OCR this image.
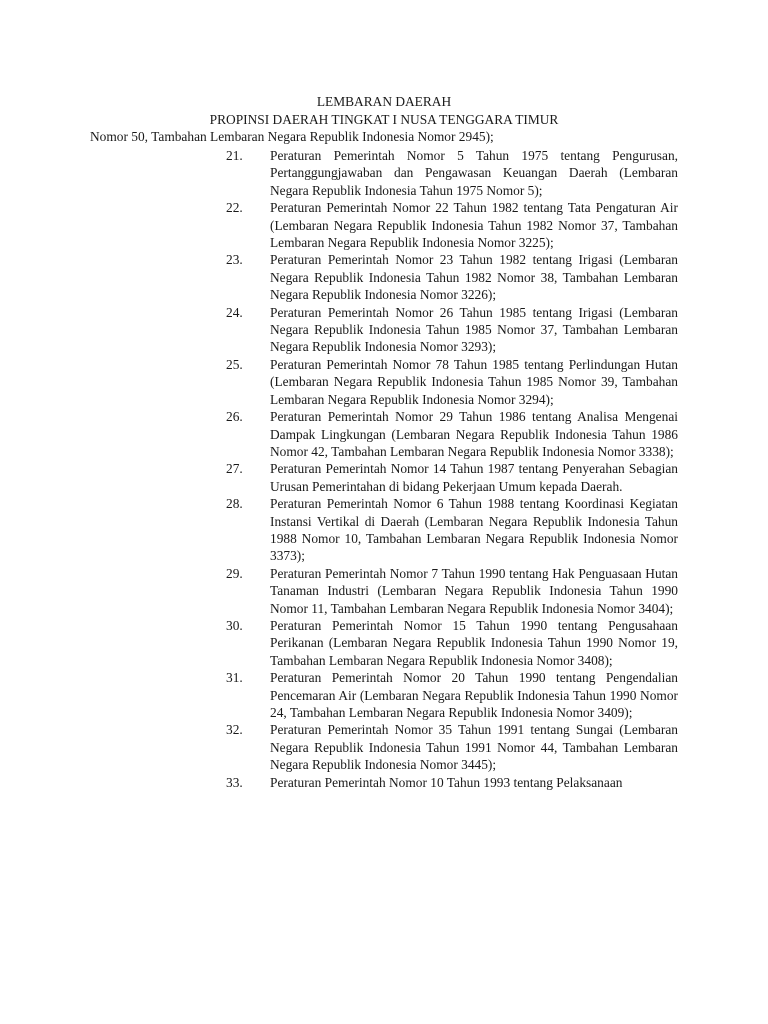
LEMBARAN DAERAH
PROPINSI DAERAH TINGKAT I NUSA TENGGARA TIMUR
Nomor 50, Tambahan Lembaran Negara Republik Indonesia Nomor 2945);
21. Peraturan Pemerintah Nomor 5 Tahun 1975 tentang Pengurusan, Pertanggungjawaban dan Pengawasan Keuangan Daerah (Lembaran Negara Republik Indonesia Tahun 1975 Nomor 5);
22. Peraturan Pemerintah Nomor 22 Tahun 1982 tentang Tata Pengaturan Air (Lembaran Negara Republik Indonesia Tahun 1982 Nomor 37, Tambahan Lembaran Negara Republik Indonesia Nomor 3225);
23. Peraturan Pemerintah Nomor 23 Tahun 1982 tentang Irigasi (Lembaran Negara Republik Indonesia Tahun 1982 Nomor 38, Tambahan Lembaran Negara Republik Indonesia Nomor 3226);
24. Peraturan Pemerintah Nomor 26 Tahun 1985 tentang Irigasi (Lembaran Negara Republik Indonesia Tahun 1985 Nomor 37, Tambahan Lembaran Negara Republik Indonesia Nomor 3293);
25. Peraturan Pemerintah Nomor 78 Tahun 1985 tentang Perlindungan Hutan (Lembaran Negara Republik Indonesia Tahun 1985 Nomor 39, Tambahan Lembaran Negara Republik Indonesia Nomor 3294);
26. Peraturan Pemerintah Nomor 29 Tahun 1986 tentang Analisa Mengenai Dampak Lingkungan (Lembaran Negara Republik Indonesia Tahun 1986 Nomor 42, Tambahan Lembaran Negara Republik Indonesia Nomor 3338);
27. Peraturan Pemerintah Nomor 14 Tahun 1987 tentang Penyerahan Sebagian Urusan Pemerintahan di bidang Pekerjaan Umum kepada Daerah.
28. Peraturan Pemerintah Nomor 6 Tahun 1988 tentang Koordinasi Kegiatan Instansi Vertikal di Daerah (Lembaran Negara Republik Indonesia Tahun 1988 Nomor 10, Tambahan Lembaran Negara Republik Indonesia Nomor 3373);
29. Peraturan Pemerintah Nomor 7 Tahun 1990 tentang Hak Penguasaan Hutan Tanaman Industri (Lembaran Negara Republik Indonesia Tahun 1990 Nomor 11, Tambahan Lembaran Negara Republik Indonesia Nomor 3404);
30. Peraturan Pemerintah Nomor 15 Tahun 1990 tentang Pengusahaan Perikanan (Lembaran Negara Republik Indonesia Tahun 1990 Nomor 19, Tambahan Lembaran Negara Republik Indonesia Nomor 3408);
31. Peraturan Pemerintah Nomor 20 Tahun 1990 tentang Pengendalian Pencemaran Air (Lembaran Negara Republik Indonesia Tahun 1990 Nomor 24, Tambahan Lembaran Negara Republik Indonesia Nomor 3409);
32. Peraturan Pemerintah Nomor 35 Tahun 1991 tentang Sungai (Lembaran Negara Republik Indonesia Tahun 1991 Nomor 44, Tambahan Lembaran Negara Republik Indonesia Nomor 3445);
33. Peraturan Pemerintah Nomor 10 Tahun 1993 tentang Pelaksanaan
